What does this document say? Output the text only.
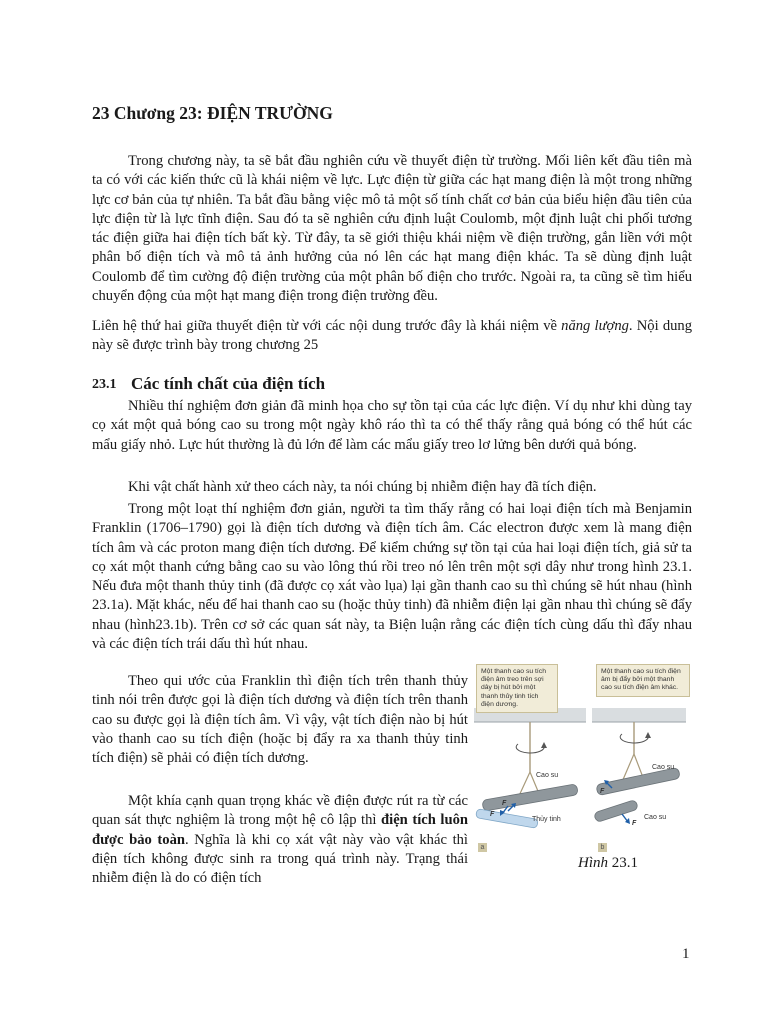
23 Chương 23: ĐIỆN TRƯỜNG

Trong chương này, ta sẽ bắt đầu nghiên cứu về thuyết điện từ trường. Mối liên kết đầu tiên mà ta có với các kiến thức cũ là khái niệm về lực. Lực điện từ giữa các hạt mang điện là một trong những lực cơ bản của tự nhiên. Ta bắt đầu bằng việc mô tả một số tính chất cơ bản của biểu hiện đầu tiên của lực điện từ là lực tĩnh điện. Sau đó ta sẽ nghiên cứu định luật Coulomb, một định luật chi phối tương tác điện giữa hai điện tích bất kỳ. Từ đây, ta sẽ giới thiệu khái niệm về điện trường, gắn liền với một phân bố điện tích và mô tả ảnh hưởng của nó lên các hạt mang điện khác. Ta sẽ dùng định luật Coulomb để tìm cường độ điện trường của một phân bố điện cho trước. Ngoài ra, ta cũng sẽ tìm hiểu chuyển động của một hạt mang điện trong điện trường đều.

Liên hệ thứ hai giữa thuyết điện từ với các nội dung trước đây là khái niệm về năng lượng. Nội dung này sẽ được trình bày trong chương 25

23.1 Các tính chất của điện tích

Nhiều thí nghiệm đơn giản đã minh họa cho sự tồn tại của các lực điện. Ví dụ như khi dùng tay cọ xát một quả bóng cao su trong một ngày khô ráo thì ta có thể thấy rằng quả bóng có thể hút các mẩu giấy nhỏ. Lực hút thường là đủ lớn để làm các mẩu giấy treo lơ lửng bên dưới quả bóng.

Khi vật chất hành xử theo cách này, ta nói chúng bị nhiễm điện hay đã tích điện.

Trong một loạt thí nghiệm đơn giản, người ta tìm thấy rằng có hai loại điện tích mà Benjamin Franklin (1706–1790) gọi là điện tích dương và điện tích âm. Các electron được xem là mang điện tích âm và các proton mang điện tích dương. Để kiểm chứng sự tồn tại của hai loại điện tích, giả sử ta cọ xát một thanh cứng bằng cao su vào lông thú rồi treo nó lên trên một sợi dây như trong hình 23.1. Nếu đưa một thanh thủy tinh (đã được cọ xát vào lụa) lại gần thanh cao su thì chúng sẽ hút nhau (hình 23.1a). Mặt khác, nếu để hai thanh cao su (hoặc thủy tinh) đã nhiễm điện lại gần nhau thì chúng sẽ đẩy nhau (hình23.1b). Trên cơ sở các quan sát này, ta Biện luận rằng các điện tích cùng dấu thì đẩy nhau và các điện tích trái dấu thì hút nhau.

Theo qui ước của Franklin thì điện tích trên thanh thủy tinh nói trên được gọi là điện tích dương và điện tích trên thanh cao su được gọi là điện tích âm. Vì vậy, vật tích điện nào bị hút vào thanh cao su tích điện (hoặc bị đẩy ra xa thanh thủy tinh tích điện) sẽ phải có điện tích dương.

Một khía cạnh quan trọng khác về điện được rút ra từ các quan sát thực nghiệm là trong một hệ cô lập thì điện tích luôn được bảo toàn. Nghĩa là khi cọ xát vật này vào vật khác thì điện tích không được sinh ra trong quá trình này. Trạng thái nhiễm điện là do có điện tích

Một thanh cao su tích điện âm treo trên sợi dây bị hút bởi một thanh thủy tinh tích điện dương.
Cao su
Thủy tinh
F
F
a
Một thanh cao su tích điện âm bị đẩy bởi một thanh cao su tích điện âm khác.
Cao su
Cao su
F
F
b
Hình 23.1
1
